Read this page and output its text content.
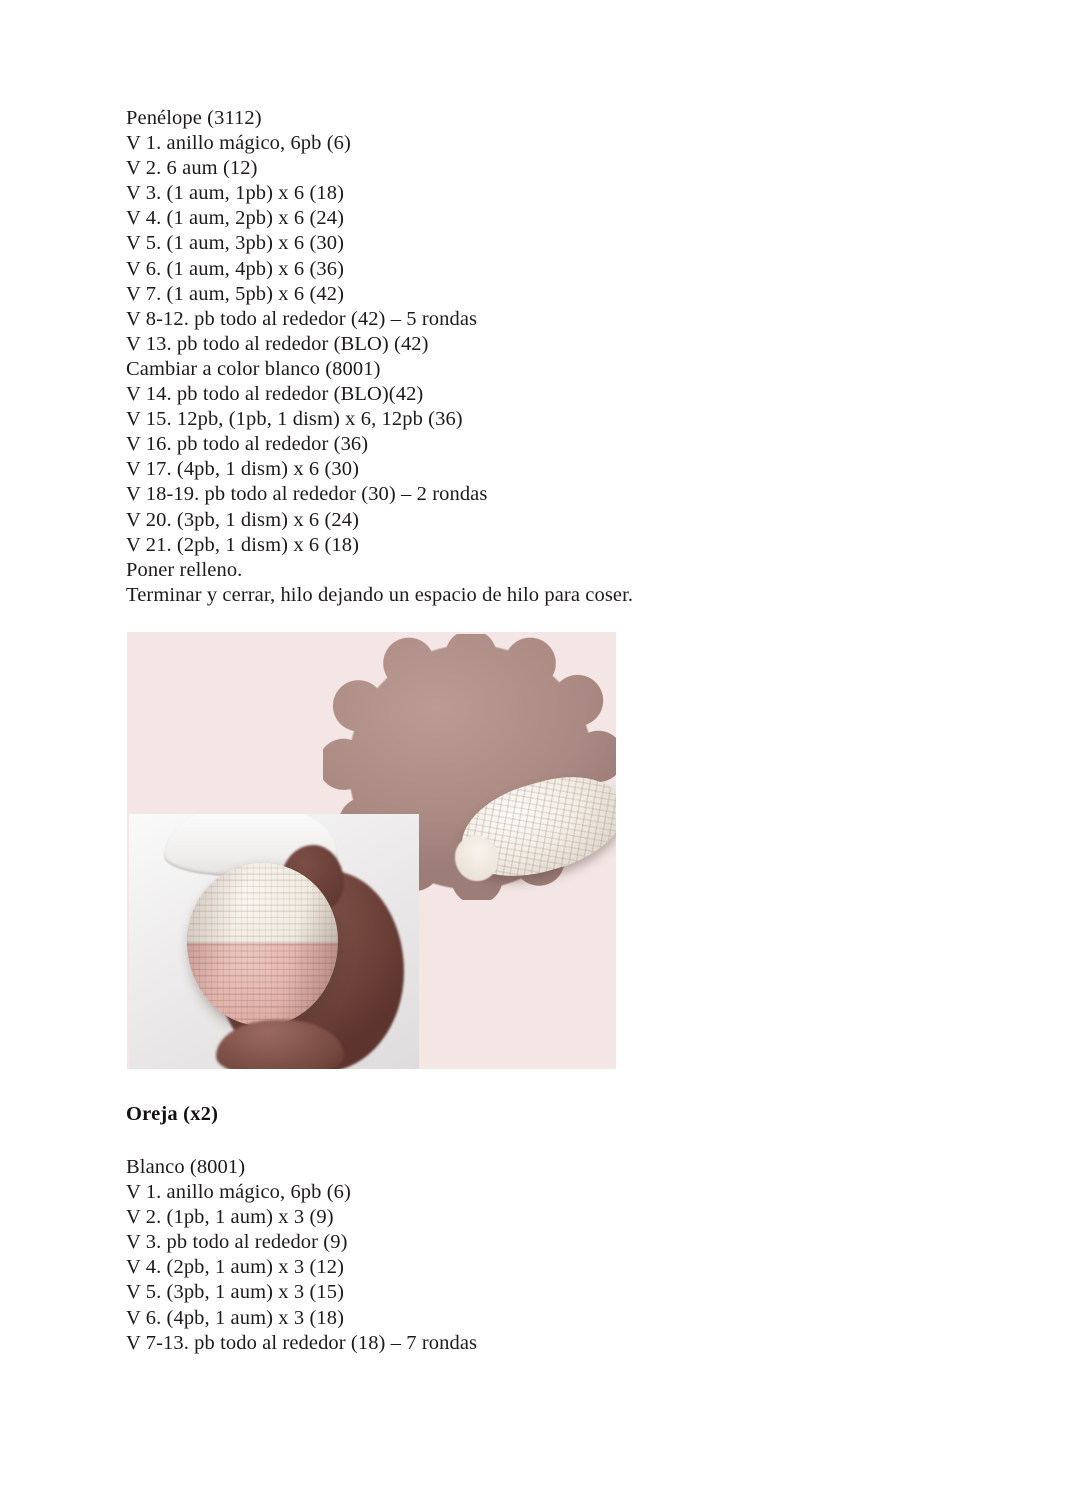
Penélope (3112)
V 1. anillo mágico, 6pb (6)
V 2. 6 aum (12)
V 3. (1 aum, 1pb) x 6 (18)
V 4. (1 aum, 2pb) x 6 (24)
V 5. (1 aum, 3pb) x 6 (30)
V 6. (1 aum, 4pb) x 6 (36)
V 7. (1 aum, 5pb) x 6 (42)
V 8-12. pb todo al rededor (42) – 5 rondas
V 13. pb todo al rededor (BLO) (42)
Cambiar a color blanco (8001)
V 14. pb todo al rededor (BLO)(42)
V 15. 12pb, (1pb, 1 dism) x 6, 12pb (36)
V 16. pb todo al rededor (36)
V 17. (4pb, 1 dism) x 6 (30)
V 18-19. pb todo al rededor (30) – 2 rondas
V 20. (3pb, 1 dism) x 6 (24)
V 21. (2pb, 1 dism) x 6 (18)
Poner relleno.
Terminar y cerrar, hilo dejando un espacio de hilo para coser.
Oreja (x2)
Blanco (8001)
V 1. anillo mágico, 6pb (6)
V 2. (1pb, 1 aum) x 3 (9)
V 3. pb todo al rededor (9)
V 4. (2pb, 1 aum) x 3 (12)
V 5. (3pb, 1 aum) x 3 (15)
V 6. (4pb, 1 aum) x 3 (18)
V 7-13. pb todo al rededor (18) – 7 rondas
